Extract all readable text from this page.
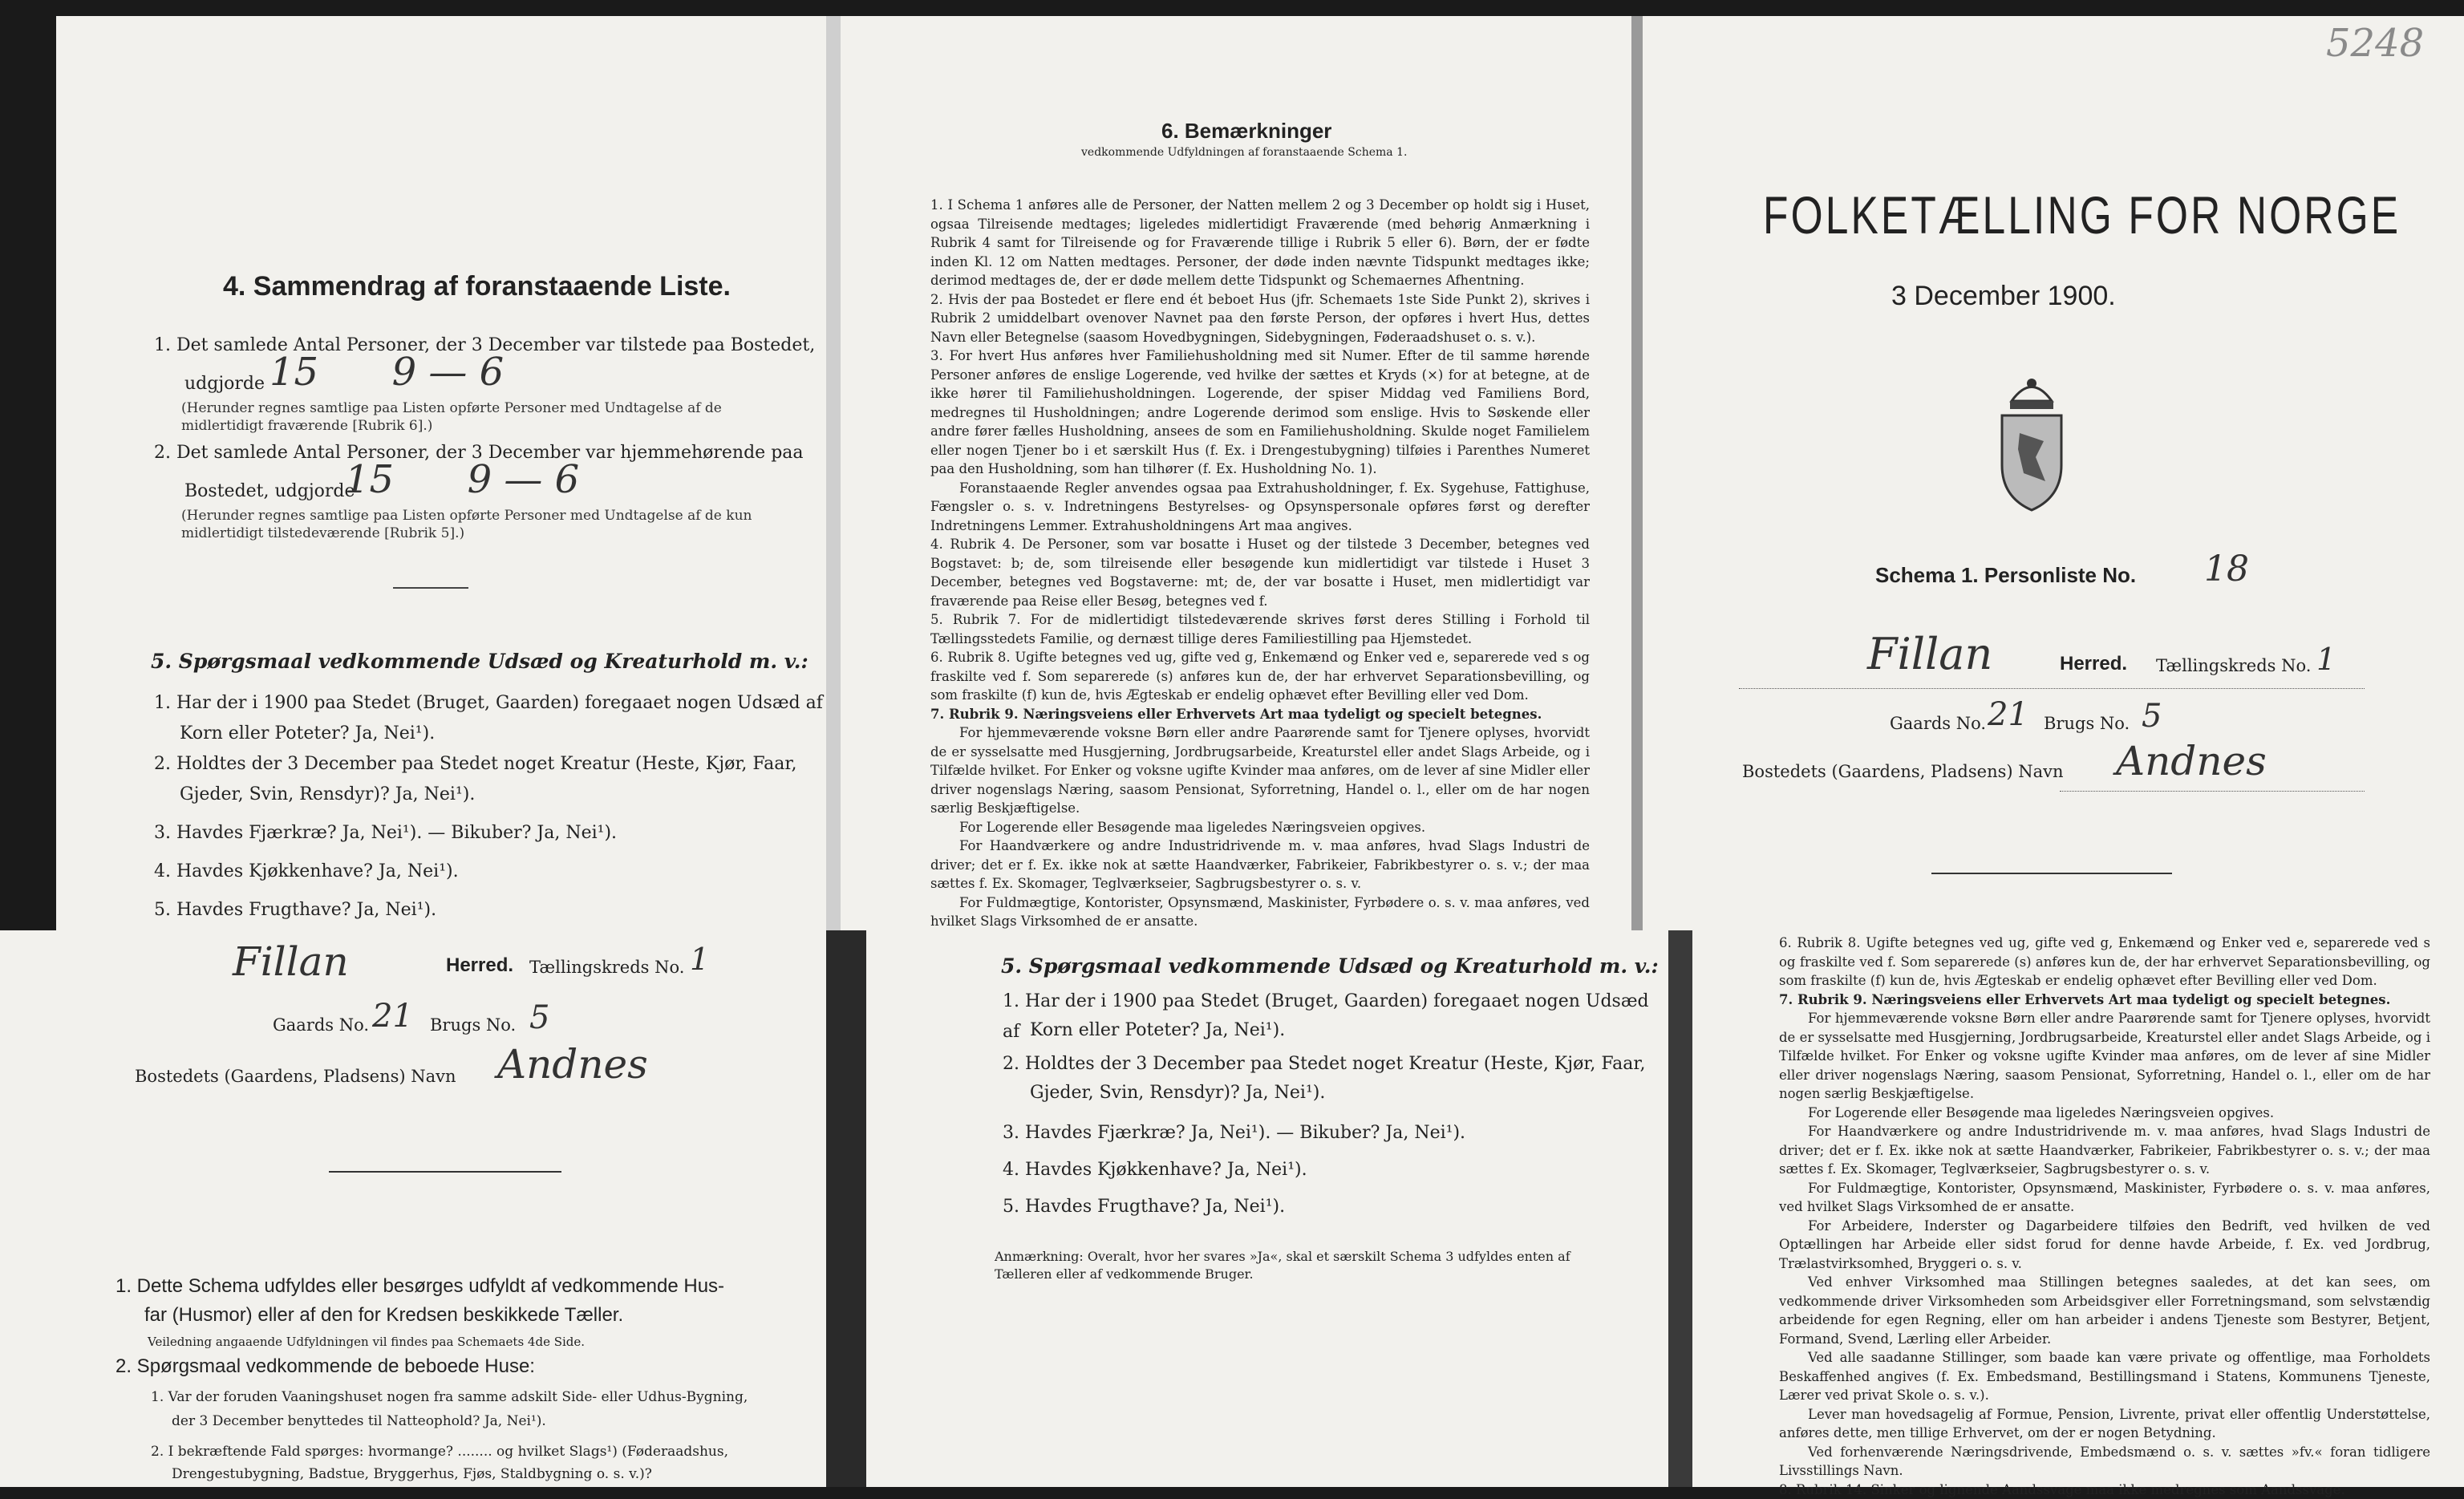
4. Sammendrag af foranstaaende Liste.

1. Det samlede Antal Personer, der 3 December var tilstede paa Bostedet,

udgjorde 15      9 — 6

(Herunder regnes samtlige paa Listen opførte Personer med Undtagelse af de midlertidigt fraværende [Rubrik 6].)

2. Det samlede Antal Personer, der 3 December var hjemmehørende paa

Bostedet, udgjorde

15      9 — 6

(Herunder regnes samtlige paa Listen opførte Personer med Undtagelse af de kun midlertidigt tilstedeværende [Rubrik 5].)

5. Spørgsmaal vedkommende Udsæd og Kreaturhold m. v.:

1. Har der i 1900 paa Stedet (Bruget, Gaarden) foregaaet nogen Udsæd af

Korn eller Poteter? Ja, Nei¹).

2. Holdtes der 3 December paa Stedet noget Kreatur (Heste, Kjør, Faar,

Gjeder, Svin, Rensdyr)? Ja, Nei¹).

3. Havdes Fjærkræ? Ja, Nei¹). — Bikuber? Ja, Nei¹).

4. Havdes Kjøkkenhave? Ja, Nei¹).

5. Havdes Frugthave? Ja, Nei¹).

6. Bemærkninger

vedkommende Udfyldningen af foranstaaende Schema 1.

1. I Schema 1 anføres alle de Personer, der Natten mellem 2 og 3 December op holdt sig i Huset, ogsaa Tilreisende medtages; ligeledes midlertidigt Fraværende (med behørig Anmærkning i Rubrik 4 samt for Tilreisende og for Fraværende tillige i Rubrik 5 eller 6). Børn, der er fødte inden Kl. 12 om Natten medtages. Personer, der døde inden nævnte Tidspunkt medtages ikke; derimod medtages de, der er døde mellem dette Tidspunkt og Schemaernes Afhentning.

2. Hvis der paa Bostedet er flere end ét beboet Hus (jfr. Schemaets 1ste Side Punkt 2), skrives i Rubrik 2 umiddelbart ovenover Navnet paa den første Person, der opføres i hvert Hus, dettes Navn eller Betegnelse (saasom Hovedbygningen, Sidebygningen, Føderaadshuset o. s. v.).

3. For hvert Hus anføres hver Familiehusholdning med sit Numer. Efter de til samme hørende Personer anføres de enslige Logerende, ved hvilke der sættes et Kryds (×) for at betegne, at de ikke hører til Familiehusholdningen. Logerende, der spiser Middag ved Familiens Bord, medregnes til Husholdningen; andre Logerende derimod som enslige. Hvis to Søskende eller andre fører fælles Husholdning, ansees de som en Familiehusholdning. Skulde noget Familielem eller nogen Tjener bo i et særskilt Hus (f. Ex. i Drengestubygning) tilføies i Parenthes Numeret paa den Husholdning, som han tilhører (f. Ex. Husholdning No. 1).

Foranstaaende Regler anvendes ogsaa paa Extrahusholdninger, f. Ex. Sygehuse, Fattighuse, Fængsler o. s. v. Indretningens Bestyrelses- og Opsynspersonale opføres først og derefter Indretningens Lemmer. Extrahusholdningens Art maa angives.

4. Rubrik 4. De Personer, som var bosatte i Huset og der tilstede 3 December, betegnes ved Bogstavet: b; de, som tilreisende eller besøgende kun midlertidigt var tilstede i Huset 3 December, betegnes ved Bogstaverne: mt; de, der var bosatte i Huset, men midlertidigt var fraværende paa Reise eller Besøg, betegnes ved f.

5. Rubrik 7. For de midlertidigt tilstedeværende skrives først deres Stilling i Forhold til Tællingsstedets Familie, og dernæst tillige deres Familiestilling paa Hjemstedet.

6. Rubrik 8. Ugifte betegnes ved ug, gifte ved g, Enkemænd og Enker ved e, separerede ved s og fraskilte ved f. Som separerede (s) anføres kun de, der har erhvervet Separationsbevilling, og som fraskilte (f) kun de, hvis Ægteskab er endelig ophævet efter Bevilling eller ved Dom.

7. Rubrik 9. Næringsveiens eller Erhvervets Art maa tydeligt og specielt betegnes.

For hjemmeværende voksne Børn eller andre Paarørende samt for Tjenere oplyses, hvorvidt de er sysselsatte med Husgjerning, Jordbrugsarbeide, Kreaturstel eller andet Slags Arbeide, og i Tilfælde hvilket. For Enker og voksne ugifte Kvinder maa anføres, om de lever af sine Midler eller driver nogenslags Næring, saasom Pensionat, Syforretning, Handel o. l., eller om de har nogen særlig Beskjæftigelse.

For Logerende eller Besøgende maa ligeledes Næringsveien opgives.

For Haandværkere og andre Industridrivende m. v. maa anføres, hvad Slags Industri de driver; det er f. Ex. ikke nok at sætte Haandværker, Fabrikeier, Fabrikbestyrer o. s. v.; der maa sættes f. Ex. Skomager, Teglværkseier, Sagbrugsbestyrer o. s. v.

For Fuldmægtige, Kontorister, Opsynsmænd, Maskinister, Fyrbødere o. s. v. maa anføres, ved hvilket Slags Virksomhed de er ansatte.

5248

FOLKETÆLLING FOR NORGE

3 December 1900.

Schema 1. Personliste No. 18

Fillan	Herred. Tællingskreds No. 1

Gaards No. 21 Brugs No. 5

Bostedets (Gaardens, Pladsens) Navn Andnes

Fillan	Herred. Tællingskreds No. 1

Gaards No. 21 Brugs No. 5

Bostedets (Gaardens, Pladsens) Navn Andnes

1. Dette Schema udfyldes eller besørges udfyldt af vedkommende Hus-

far (Husmor) eller af den for Kredsen beskikkede Tæller.

Veiledning angaaende Udfyldningen vil findes paa Schemaets 4de Side.

2. Spørgsmaal vedkommende de beboede Huse:

1. Var der foruden Vaaningshuset nogen fra samme adskilt Side- eller Udhus-Bygning,

der 3 December benyttedes til Natteophold? Ja, Nei¹).

2. I bekræftende Fald spørges: hvormange? ........ og hvilket Slags¹) (Føderaadshus,

Drengestubygning, Badstue, Bryggerhus, Fjøs, Staldbygning o. s. v.)?

5. Spørgsmaal vedkommende Udsæd og Kreaturhold m. v.:

1. Har der i 1900 paa Stedet (Bruget, Gaarden) foregaaet nogen Udsæd af Korn eller Poteter? Ja, Nei¹).

2. Holdtes der 3 December paa Stedet noget Kreatur (Heste, Kjør, Faar,

Gjeder, Svin, Rensdyr)? Ja, Nei¹).

3. Havdes Fjærkræ? Ja, Nei¹). — Bikuber? Ja, Nei¹).

4. Havdes Kjøkkenhave? Ja, Nei¹).

5. Havdes Frugthave? Ja, Nei¹).

Anmærkning: Overalt, hvor her svares »Ja«, skal et særskilt Schema 3 udfyldes enten af Tælleren eller af vedkommende Bruger.

6. Rubrik 8. Ugifte betegnes ved ug, gifte ved g, Enkemænd og Enker ved e, separerede ved s og fraskilte ved f. Som separerede (s) anføres kun de, der har erhvervet Separationsbevilling, og som fraskilte (f) kun de, hvis Ægteskab er endelig ophævet efter Bevilling eller ved Dom.

7. Rubrik 9. Næringsveiens eller Erhvervets Art maa tydeligt og specielt betegnes.

For hjemmeværende voksne Børn eller andre Paarørende samt for Tjenere oplyses, hvorvidt de er sysselsatte med Husgjerning, Jordbrugsarbeide, Kreaturstel eller andet Slags Arbeide, og i Tilfælde hvilket. For Enker og voksne ugifte Kvinder maa anføres, om de lever af sine Midler eller driver nogenslags Næring, saasom Pensionat, Syforretning, Handel o. l., eller om de har nogen særlig Beskjæftigelse.

For Logerende eller Besøgende maa ligeledes Næringsveien opgives.

For Haandværkere og andre Industridrivende m. v. maa anføres, hvad Slags Industri de driver; det er f. Ex. ikke nok at sætte Haandværker, Fabrikeier, Fabrikbestyrer o. s. v.; der maa sættes f. Ex. Skomager, Teglværkseier, Sagbrugsbestyrer o. s. v.

For Fuldmægtige, Kontorister, Opsynsmænd, Maskinister, Fyrbødere o. s. v. maa anføres, ved hvilket Slags Virksomhed de er ansatte.

For Arbeidere, Inderster og Dagarbeidere tilføies den Bedrift, ved hvilken de ved Optællingen har Arbeide eller sidst forud for denne havde Arbeide, f. Ex. ved Jordbrug, Trælastvirksomhed, Bryggeri o. s. v.

Ved enhver Virksomhed maa Stillingen betegnes saaledes, at det kan sees, om vedkommende driver Virksomheden som Arbeidsgiver eller Forretningsmand, som selvstændig arbeidende for egen Regning, eller om han arbeider i andens Tjeneste som Bestyrer, Betjent, Formand, Svend, Lærling eller Arbeider.

Ved alle saadanne Stillinger, som baade kan være private og offentlige, maa Forholdets Beskaffenhed angives (f. Ex. Embedsmand, Bestillingsmand i Statens, Kommunens Tjeneste, Lærer ved privat Skole o. s. v.).

Lever man hovedsagelig af Formue, Pension, Livrente, privat eller offentlig Understøttelse, anføres dette, men tillige Erhvervet, om der er nogen Betydning.

Ved forhenværende Næringsdrivende, Embedsmænd o. s. v. sættes »fv.« foran tidligere Livsstillings Navn.

8. Rubrik 14. Sinker og lignende Aandssvage maa ikke medregnes som Aandssvage.
